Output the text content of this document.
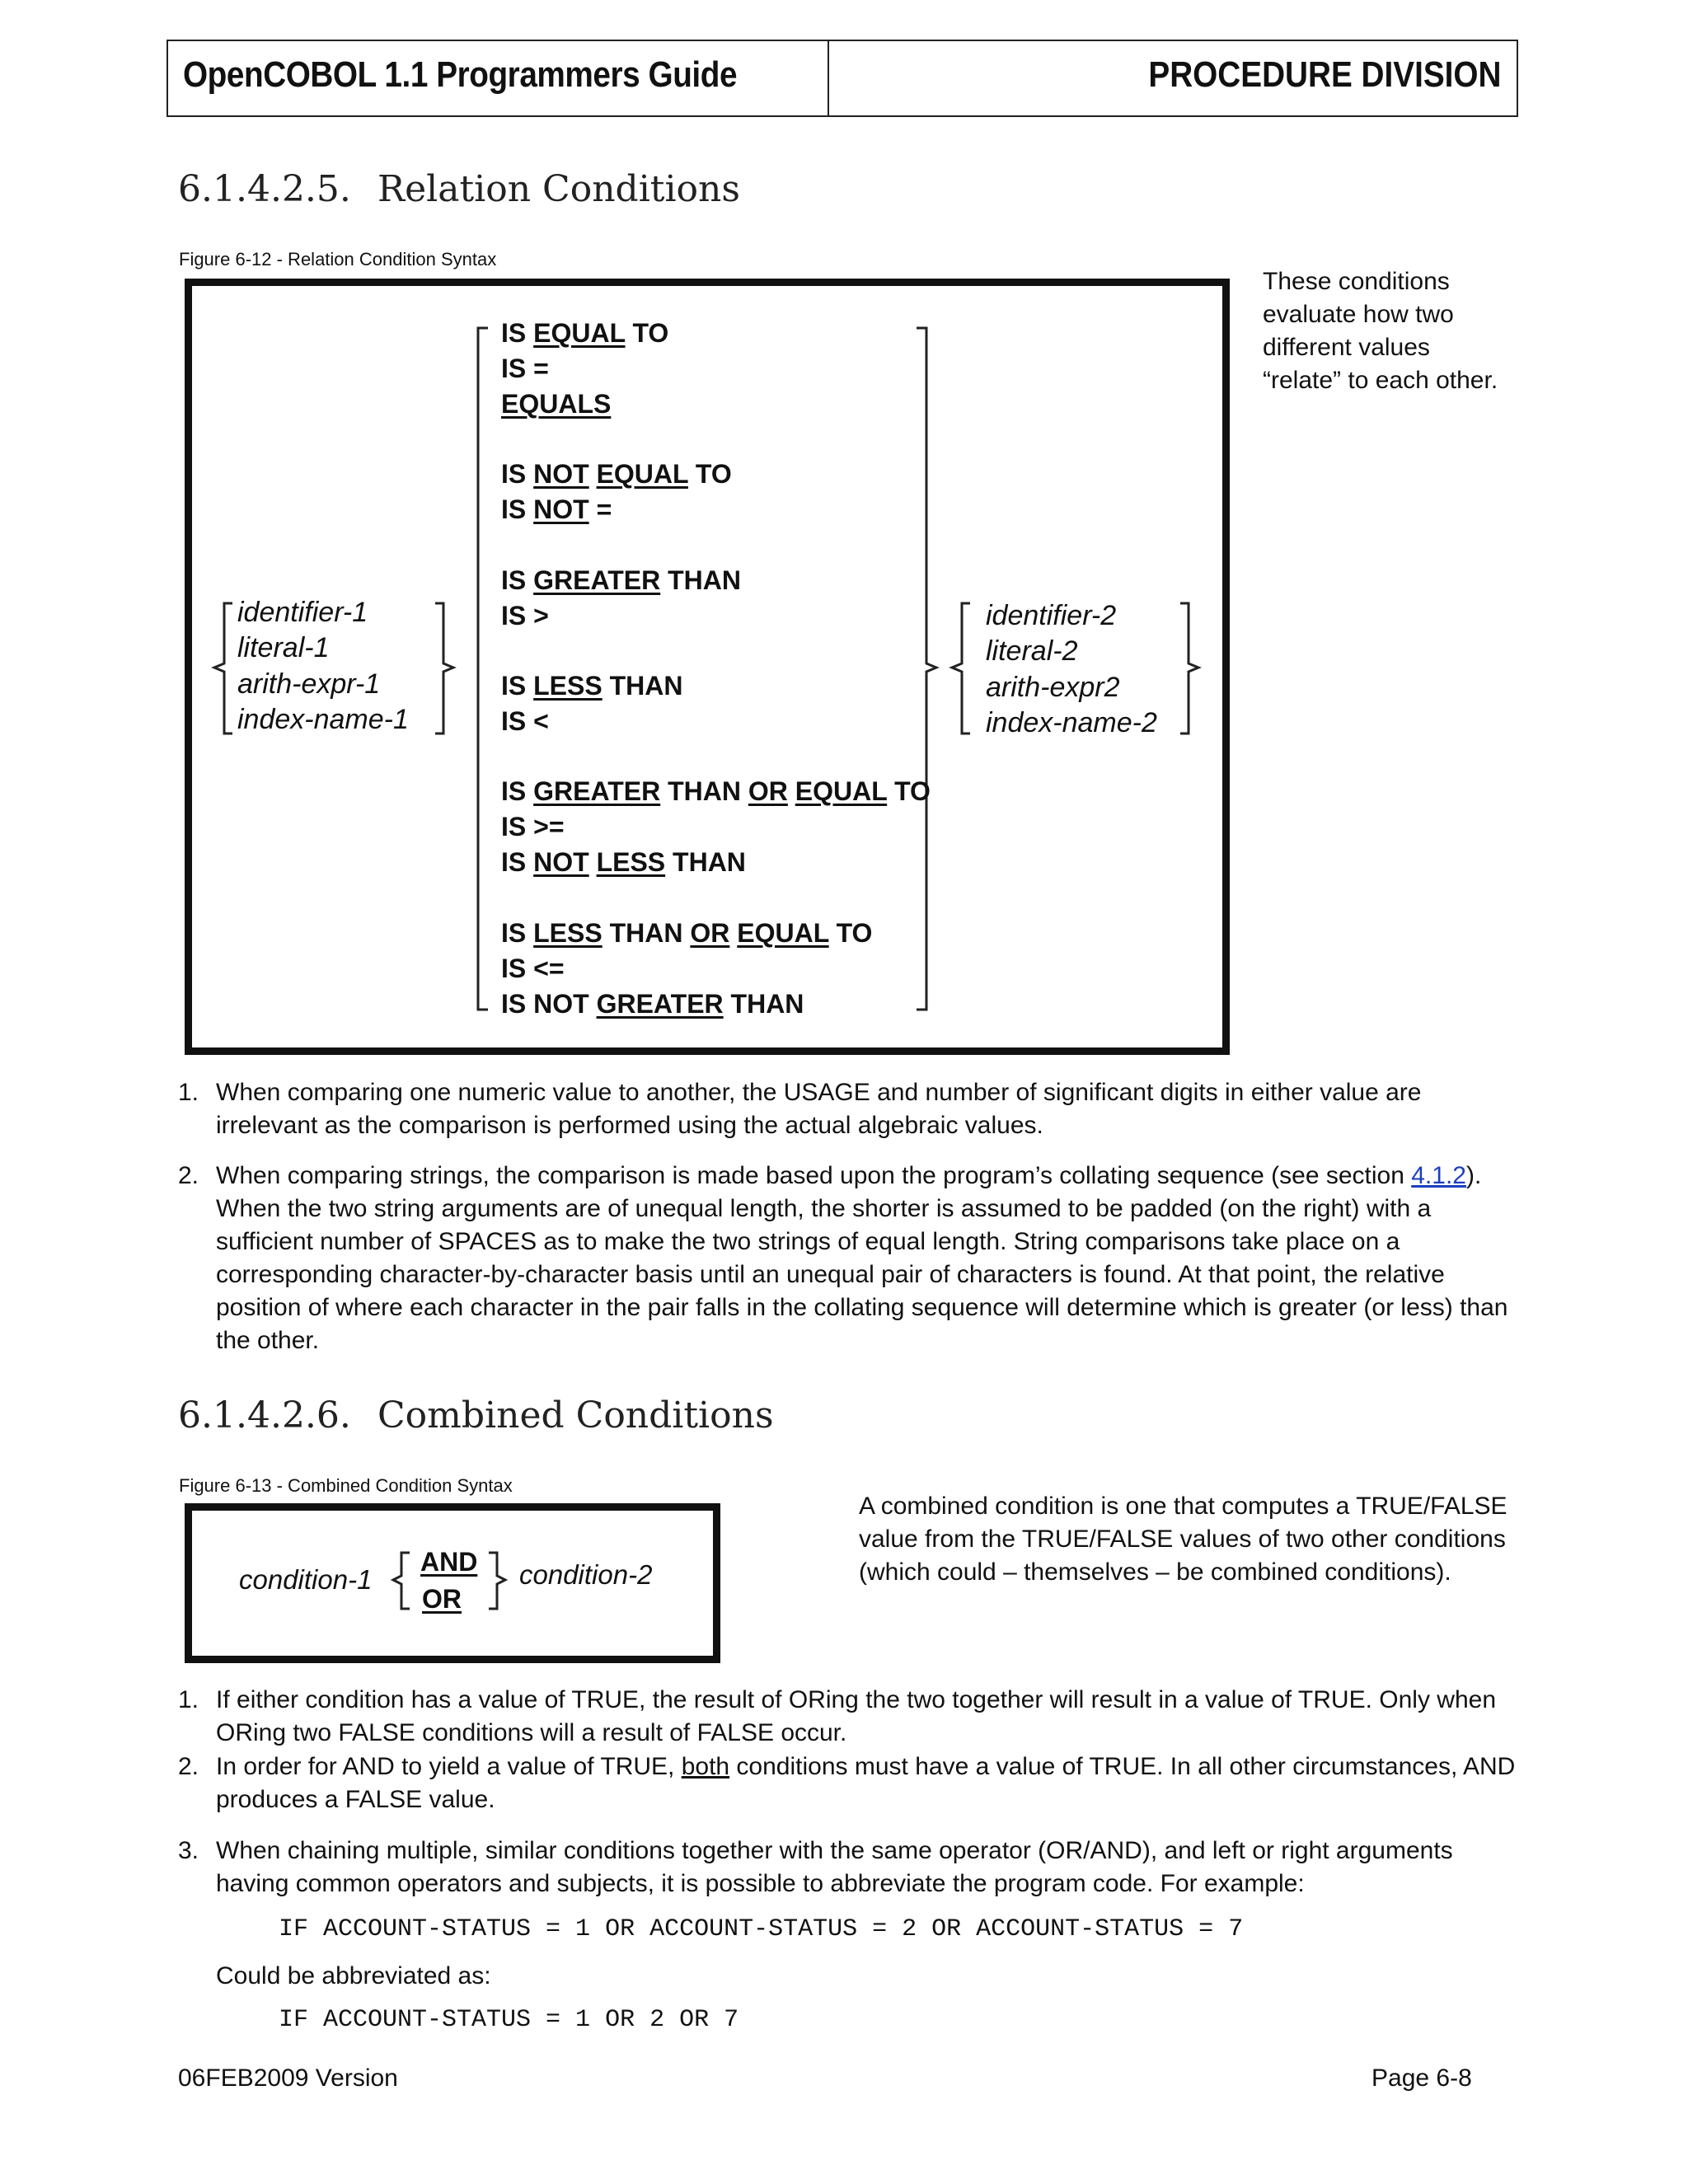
OpenCOBOL 1.1 Programmers Guide	PROCEDURE DIVISION
6.1.4.2.5. Relation Conditions
Figure 6-12 - Relation Condition Syntax
identifier-1
literal-1
arith-expr-1
index-name-1
identifier-2
literal-2
arith-expr2
index-name-2
IS EQUAL TO
IS =
EQUALS
IS NOT EQUAL TO
IS NOT =
IS GREATER THAN
IS >
IS LESS THAN
IS <
IS GREATER THAN OR EQUAL TO
IS >=
IS NOT LESS THAN
IS LESS THAN OR EQUAL TO
IS <=
IS NOT GREATER THAN
These conditions evaluate how two different values “relate” to each other.
1. When comparing one numeric value to another, the USAGE and number of significant digits in either value are irrelevant as the comparison is performed using the actual algebraic values.
2. When comparing strings, the comparison is made based upon the program’s collating sequence (see section 4.1.2). When the two string arguments are of unequal length, the shorter is assumed to be padded (on the right) with a sufficient number of SPACES as to make the two strings of equal length. String comparisons take place on a corresponding character-by-character basis until an unequal pair of characters is found. At that point, the relative position of where each character in the pair falls in the collating sequence will determine which is greater (or less) than the other.
6.1.4.2.6. Combined Conditions
Figure 6-13 - Combined Condition Syntax
condition-1
AND
OR
condition-2
A combined condition is one that computes a TRUE/FALSE value from the TRUE/FALSE values of two other conditions (which could – themselves – be combined conditions).
1. If either condition has a value of TRUE, the result of ORing the two together will result in a value of TRUE. Only when ORing two FALSE conditions will a result of FALSE occur.
2. In order for AND to yield a value of TRUE, both conditions must have a value of TRUE. In all other circumstances, AND produces a FALSE value.
3. When chaining multiple, similar conditions together with the same operator (OR/AND), and left or right arguments having common operators and subjects, it is possible to abbreviate the program code. For example:
IF ACCOUNT-STATUS = 1 OR ACCOUNT-STATUS = 2 OR ACCOUNT-STATUS = 7
Could be abbreviated as:
IF ACCOUNT-STATUS = 1 OR 2 OR 7
06FEB2009 Version	Page 6-8
